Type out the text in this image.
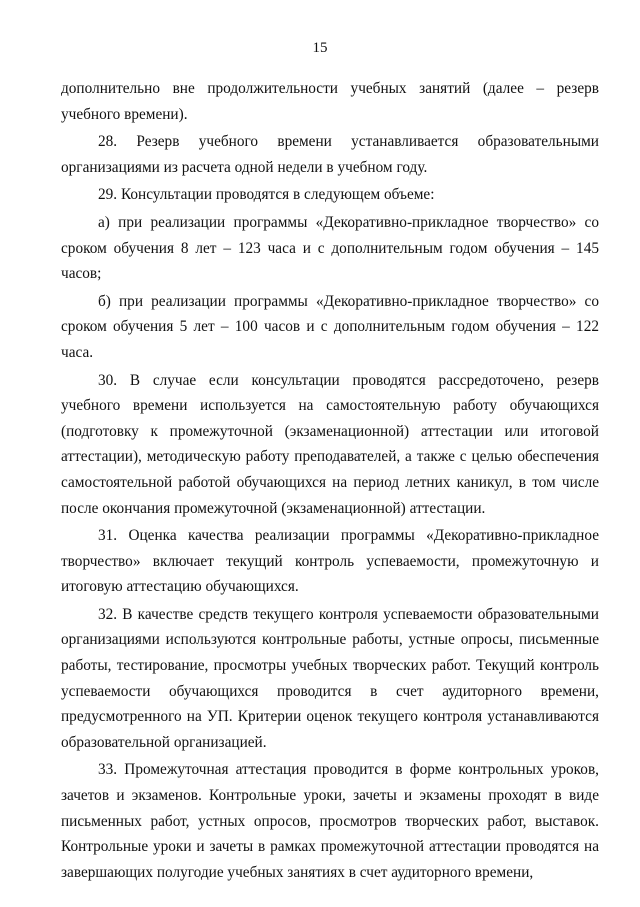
15

дополнительно вне продолжительности учебных занятий (далее – резерв учебного времени).

28. Резерв учебного времени устанавливается образовательными организациями из расчета одной недели в учебном году.

29. Консультации проводятся в следующем объеме:

а) при реализации программы «Декоративно-прикладное творчество» со сроком обучения 8 лет – 123 часа и с дополнительным годом обучения – 145 часов;

б) при реализации программы «Декоративно-прикладное творчество» со сроком обучения 5 лет – 100 часов и с дополнительным годом обучения – 122 часа.

30. В случае если консультации проводятся рассредоточено, резерв учебного времени используется на самостоятельную работу обучающихся (подготовку к промежуточной (экзаменационной) аттестации или итоговой аттестации), методическую работу преподавателей, а также с целью обеспечения самостоятельной работой обучающихся на период летних каникул, в том числе после окончания промежуточной (экзаменационной) аттестации.

31. Оценка качества реализации программы «Декоративно-прикладное творчество» включает текущий контроль успеваемости, промежуточную и итоговую аттестацию обучающихся.

32. В качестве средств текущего контроля успеваемости образовательными организациями используются контрольные работы, устные опросы, письменные работы, тестирование, просмотры учебных творческих работ. Текущий контроль успеваемости обучающихся проводится в счет аудиторного времени, предусмотренного на УП. Критерии оценок текущего контроля устанавливаются образовательной организацией.

33. Промежуточная аттестация проводится в форме контрольных уроков, зачетов и экзаменов. Контрольные уроки, зачеты и экзамены проходят в виде письменных работ, устных опросов, просмотров творческих работ, выставок. Контрольные уроки и зачеты в рамках промежуточной аттестации проводятся на завершающих полугодие учебных занятиях в счет аудиторного времени,
